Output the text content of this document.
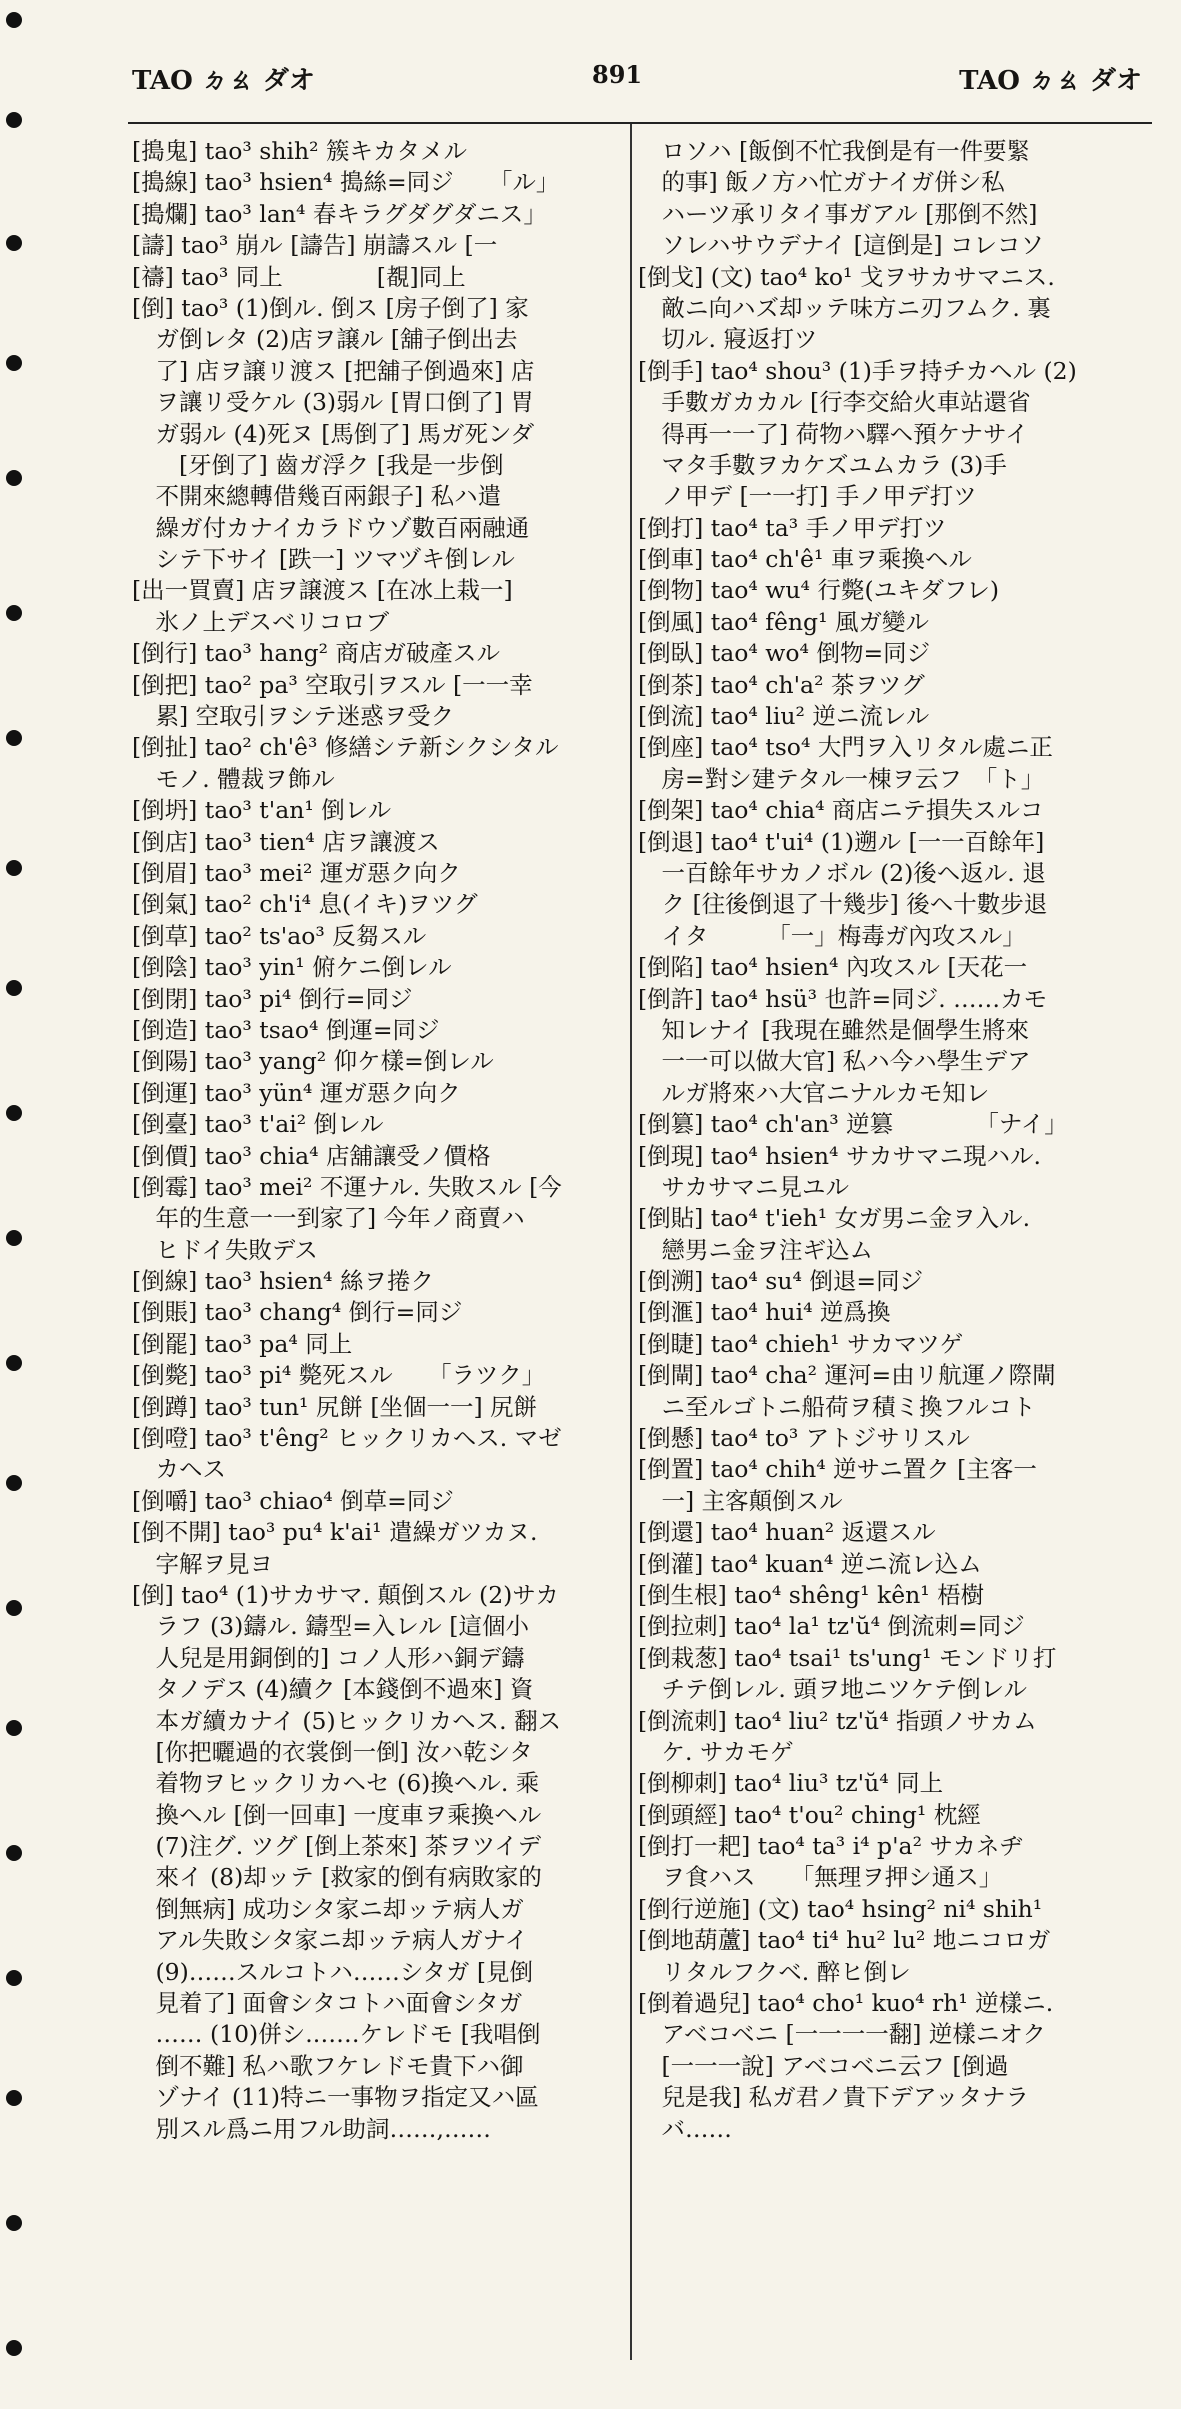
TAO ㄉㄠ ダオ	891	TAO ㄉㄠ ダオ
[搗鬼] tao³ shih² 簇キカタメル
[搗線] tao³ hsien⁴ 搗絲=同ジ　　「ル」
[搗爛] tao³ lan⁴ 春キラグダグダニス」
[譸] tao³ 崩ル [譸告] 崩譸スル [一
[禱] tao³ 同上　　　　[覩]同上
[倒] tao³ (1)倒ル. 倒ス [房子倒了] 家
　ガ倒レタ (2)店ヲ譲ル [舖子倒出去
　了] 店ヲ譲リ渡ス [把舖子倒過來] 店
　ヲ讓リ受ケル (3)弱ル [胃口倒了] 胃
　ガ弱ル (4)死ヌ [馬倒了] 馬ガ死ンダ
　　[牙倒了] 齒ガ浮ク [我是一步倒
　不開來總轉借幾百兩銀子] 私ハ遣
　繰ガ付カナイカラドウゾ數百兩融通
　シテ下サイ [跌一] ツマヅキ倒レル
[出一買賣] 店ヲ譲渡ス [在冰上栽一]
　氷ノ上デスベリコロブ
[倒行] tao³ hang² 商店ガ破產スル
[倒把] tao² pa³ 空取引ヲスル [一一幸
　累] 空取引ヲシテ迷惑ヲ受ク
[倒扯] tao² ch'ê³ 修繕シテ新シクシタル
　モノ. 體裁ヲ飾ル
[倒坍] tao³ t'an¹ 倒レル
[倒店] tao³ tien⁴ 店ヲ讓渡ス
[倒眉] tao³ mei² 運ガ惡ク向ク
[倒氣] tao² ch'i⁴ 息(イキ)ヲツグ
[倒草] tao² ts'ao³ 反芻スル
[倒陰] tao³ yin¹ 俯ケニ倒レル
[倒閉] tao³ pi⁴ 倒行=同ジ
[倒造] tao³ tsao⁴ 倒運=同ジ
[倒陽] tao³ yang² 仰ケ樣=倒レル
[倒運] tao³ yün⁴ 運ガ惡ク向ク
[倒臺] tao³ t'ai² 倒レル
[倒價] tao³ chia⁴ 店舖讓受ノ價格
[倒霉] tao³ mei² 不運ナル. 失敗スル [今
　年的生意一一到家了] 今年ノ商賣ハ
　ヒドイ失敗デス
[倒線] tao³ hsien⁴ 絲ヲ捲ク
[倒賬] tao³ chang⁴ 倒行=同ジ
[倒罷] tao³ pa⁴ 同上
[倒斃] tao³ pi⁴ 斃死スル　　「ラツク」
[倒蹲] tao³ tun¹ 尻餅 [坐個一一] 尻餅
[倒噔] tao³ t'êng² ヒックリカヘス. マゼ
　カヘス
[倒嚼] tao³ chiao⁴ 倒草=同ジ
[倒不開] tao³ pu⁴ k'ai¹ 遣繰ガツカヌ.
　字解ヲ見ヨ
[倒] tao⁴ (1)サカサマ. 顛倒スル (2)サカ
　ラフ (3)鑄ル. 鑄型=入レル [這個小
　人兒是用銅倒的] コノ人形ハ銅デ鑄
　タノデス (4)續ク [本錢倒不過來] 資
　本ガ續カナイ (5)ヒックリカヘス. 翻ス
　[你把曬過的衣裳倒一倒] 汝ハ乾シタ
　着物ヲヒックリカヘセ (6)換ヘル. 乘
　換ヘル [倒一回車] 一度車ヲ乘換ヘル
　(7)注グ. ツグ [倒上茶來] 茶ヲツイデ
　來イ (8)却ッテ [救家的倒有病敗家的
　倒無病] 成功シタ家ニ却ッテ病人ガ
　アル失敗シタ家ニ却ッテ病人ガナイ
　(9)……スルコトハ……シタガ [見倒
　見着了] 面會シタコトハ面會シタガ
　…… (10)併シ.……ケレドモ [我唱倒
　倒不難] 私ハ歌フケレドモ貴下ハ御
　ゾナイ (11)特ニ一事物ヲ指定又ハ區
　別スル爲ニ用フル助詞……,……
　ロソハ [飯倒不忙我倒是有一件要緊
　的事] 飯ノ方ハ忙ガナイガ併シ私
　ハーツ承リタイ事ガアル [那倒不然]
　ソレハサウデナイ [這倒是] コレコソ
[倒戈] (文) tao⁴ ko¹ 戈ヲサカサマニス.
　敵ニ向ハズ却ッテ味方ニ刃フムク. 裏
　切ル. 寢返打ツ
[倒手] tao⁴ shou³ (1)手ヲ持チカヘル (2)
　手數ガカカル [行李交給火車站還省
　得再一一了] 荷物ハ驛ヘ預ケナサイ
　マタ手數ヲカケズユムカラ (3)手
　ノ甲デ [一一打] 手ノ甲デ打ツ
[倒打] tao⁴ ta³ 手ノ甲デ打ツ
[倒車] tao⁴ ch'ê¹ 車ヲ乘換ヘル
[倒物] tao⁴ wu⁴ 行斃(ユキダフレ)
[倒風] tao⁴ fêng¹ 風ガ變ル
[倒臥] tao⁴ wo⁴ 倒物=同ジ
[倒茶] tao⁴ ch'a² 茶ヲツグ
[倒流] tao⁴ liu² 逆ニ流レル
[倒座] tao⁴ tso⁴ 大門ヲ入リタル處ニ正
　房=對シ建テタル一棟ヲ云フ　「ト」
[倒架] tao⁴ chia⁴ 商店ニテ損失スルコ
[倒退] tao⁴ t'ui⁴ (1)遡ル [一一百餘年]
　一百餘年サカノボル (2)後ヘ返ル. 退
　ク [往後倒退了十幾步] 後ヘ十數步退
　イタ　　　「一」梅毒ガ內攻スル」
[倒陷] tao⁴ hsien⁴ 內攻スル [天花一
[倒許] tao⁴ hsü³ 也許=同ジ. ……カモ
　知レナイ [我現在雖然是個學生將來
　一一可以做大官] 私ハ今ハ學生デア
　ルガ將來ハ大官ニナルカモ知レ
[倒篡] tao⁴ ch'an³ 逆篡　　　　「ナイ」
[倒現] tao⁴ hsien⁴ サカサマニ現ハル.
　サカサマニ見ユル
[倒貼] tao⁴ t'ieh¹ 女ガ男ニ金ヲ入ル.
　戀男ニ金ヲ注ギ込ム
[倒溯] tao⁴ su⁴ 倒退=同ジ
[倒滙] tao⁴ hui⁴ 逆爲換
[倒睫] tao⁴ chieh¹ サカマツゲ
[倒閘] tao⁴ cha² 運河=由リ航運ノ際閘
　ニ至ルゴトニ船荷ヲ積ミ換フルコト
[倒懸] tao⁴ to³ アトジサリスル
[倒置] tao⁴ chih⁴ 逆サニ置ク [主客一
　一] 主客顛倒スル
[倒還] tao⁴ huan² 返還スル
[倒灌] tao⁴ kuan⁴ 逆ニ流レ込ム
[倒生根] tao⁴ shêng¹ kên¹ 梧樹
[倒拉刺] tao⁴ la¹ tz'ŭ⁴ 倒流刺=同ジ
[倒栽葱] tao⁴ tsai¹ ts'ung¹ モンドリ打
　チテ倒レル. 頭ヲ地ニツケテ倒レル
[倒流刺] tao⁴ liu² tz'ŭ⁴ 指頭ノサカム
　ケ. サカモゲ
[倒柳刺] tao⁴ liu³ tz'ŭ⁴ 同上
[倒頭經] tao⁴ t'ou² ching¹ 枕經
[倒打一耙] tao⁴ ta³ i⁴ p'a² サカネヂ
　ヲ食ハス　　「無理ヲ押シ通ス」
[倒行逆施] (文) tao⁴ hsing² ni⁴ shih¹
[倒地葫蘆] tao⁴ ti⁴ hu² lu² 地ニコロガ
　リタルフクベ. 醉ヒ倒レ
[倒着過兒] tao⁴ cho¹ kuo⁴ rh¹ 逆樣ニ.
　アベコベニ [一一一一翻] 逆樣ニオク
　[一一一說] アベコベニ云フ [倒過
　兒是我] 私ガ君ノ貴下デアッタナラ
　バ……
